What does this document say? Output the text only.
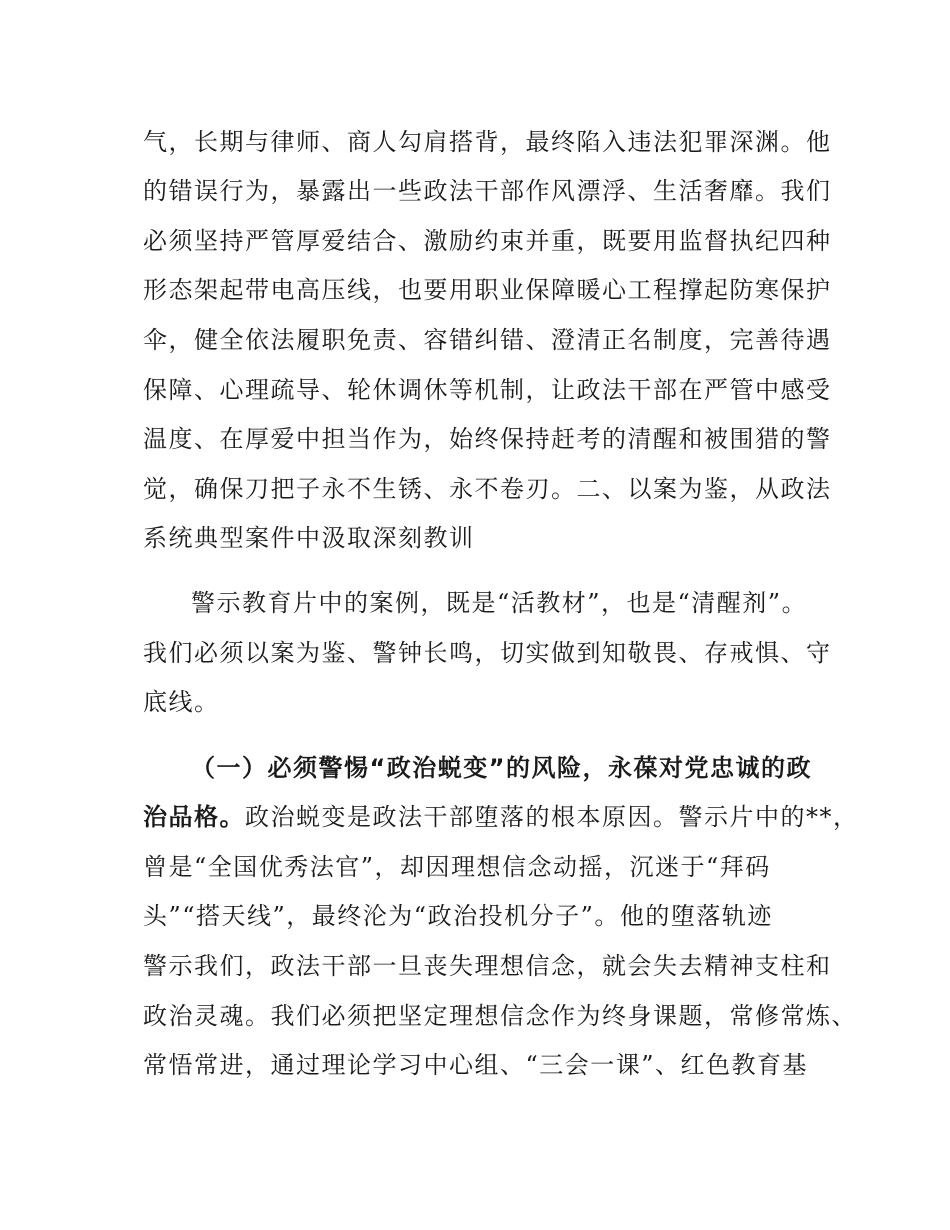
气，长期与律师、商人勾肩搭背，最终陷入违法犯罪深渊。他
的错误行为，暴露出一些政法干部作风漂浮、生活奢靡。我们
必须坚持严管厚爱结合、激励约束并重，既要用监督执纪四种
形态架起带电高压线，也要用职业保障暖心工程撑起防寒保护
伞，健全依法履职免责、容错纠错、澄清正名制度，完善待遇
保障、心理疏导、轮休调休等机制，让政法干部在严管中感受
温度、在厚爱中担当作为，始终保持赶考的清醒和被围猎的警
觉，确保刀把子永不生锈、永不卷刃。二、以案为鉴，从政法
系统典型案件中汲取深刻教训
警示教育片中的案例，既是“活教材”，也是“清醒剂”。
我们必须以案为鉴、警钟长鸣，切实做到知敬畏、存戒惧、守
底线。
（一）必须警惕“政治蜕变”的风险，永葆对党忠诚的政
治品格。政治蜕变是政法干部堕落的根本原因。警示片中的**，
曾是“全国优秀法官”，却因理想信念动摇，沉迷于“拜码
头”“搭天线”，最终沦为“政治投机分子”。他的堕落轨迹
警示我们，政法干部一旦丧失理想信念，就会失去精神支柱和
政治灵魂。我们必须把坚定理想信念作为终身课题，常修常炼、
常悟常进，通过理论学习中心组、“三会一课”、红色教育基
